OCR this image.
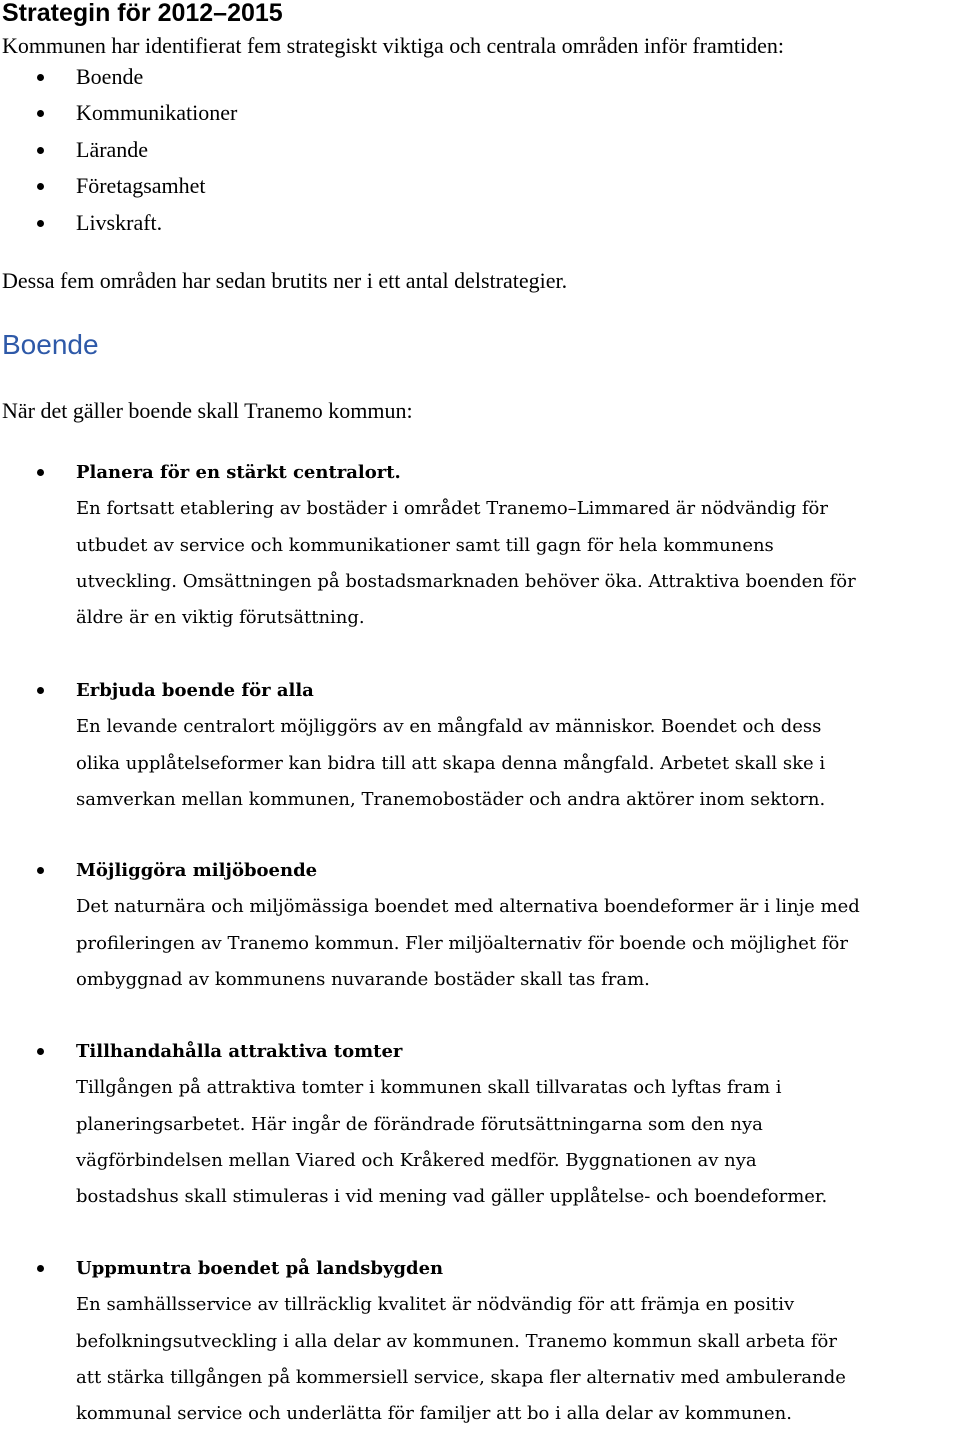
Strategin för 2012–2015
Kommunen har identifierat fem strategiskt viktiga och centrala områden inför framtiden:
Boende
Kommunikationer
Lärande
Företagsamhet
Livskraft.
Dessa fem områden har sedan brutits ner i ett antal delstrategier.
Boende
När det gäller boende skall Tranemo kommun:
Planera för en stärkt centralort.
En fortsatt etablering av bostäder i området Tranemo–Limmared är nödvändig för
utbudet av service och kommunikationer samt till gagn för hela kommunens
utveckling. Omsättningen på bostadsmarknaden behöver öka. Attraktiva boenden för
äldre är en viktig förutsättning.
Erbjuda boende för alla
En levande centralort möjliggörs av en mångfald av människor. Boendet och dess
olika upplåtelseformer kan bidra till att skapa denna mångfald. Arbetet skall ske i
samverkan mellan kommunen, Tranemobostäder och andra aktörer inom sektorn.
Möjliggöra miljöboende
Det naturnära och miljömässiga boendet med alternativa boendeformer är i linje med
profileringen av Tranemo kommun. Fler miljöalternativ för boende och möjlighet för
ombyggnad av kommunens nuvarande bostäder skall tas fram.
Tillhandahålla attraktiva tomter
Tillgången på attraktiva tomter i kommunen skall tillvaratas och lyftas fram i
planeringsarbetet. Här ingår de förändrade förutsättningarna som den nya
vägförbindelsen mellan Viared och Kråkered medför. Byggnationen av nya
bostadshus skall stimuleras i vid mening vad gäller upplåtelse- och boendeformer.
Uppmuntra boendet på landsbygden
En samhällsservice av tillräcklig kvalitet är nödvändig för att främja en positiv
befolkningsutveckling i alla delar av kommunen. Tranemo kommun skall arbeta för
att stärka tillgången på kommersiell service, skapa fler alternativ med ambulerande
kommunal service och underlätta för familjer att bo i alla delar av kommunen.
